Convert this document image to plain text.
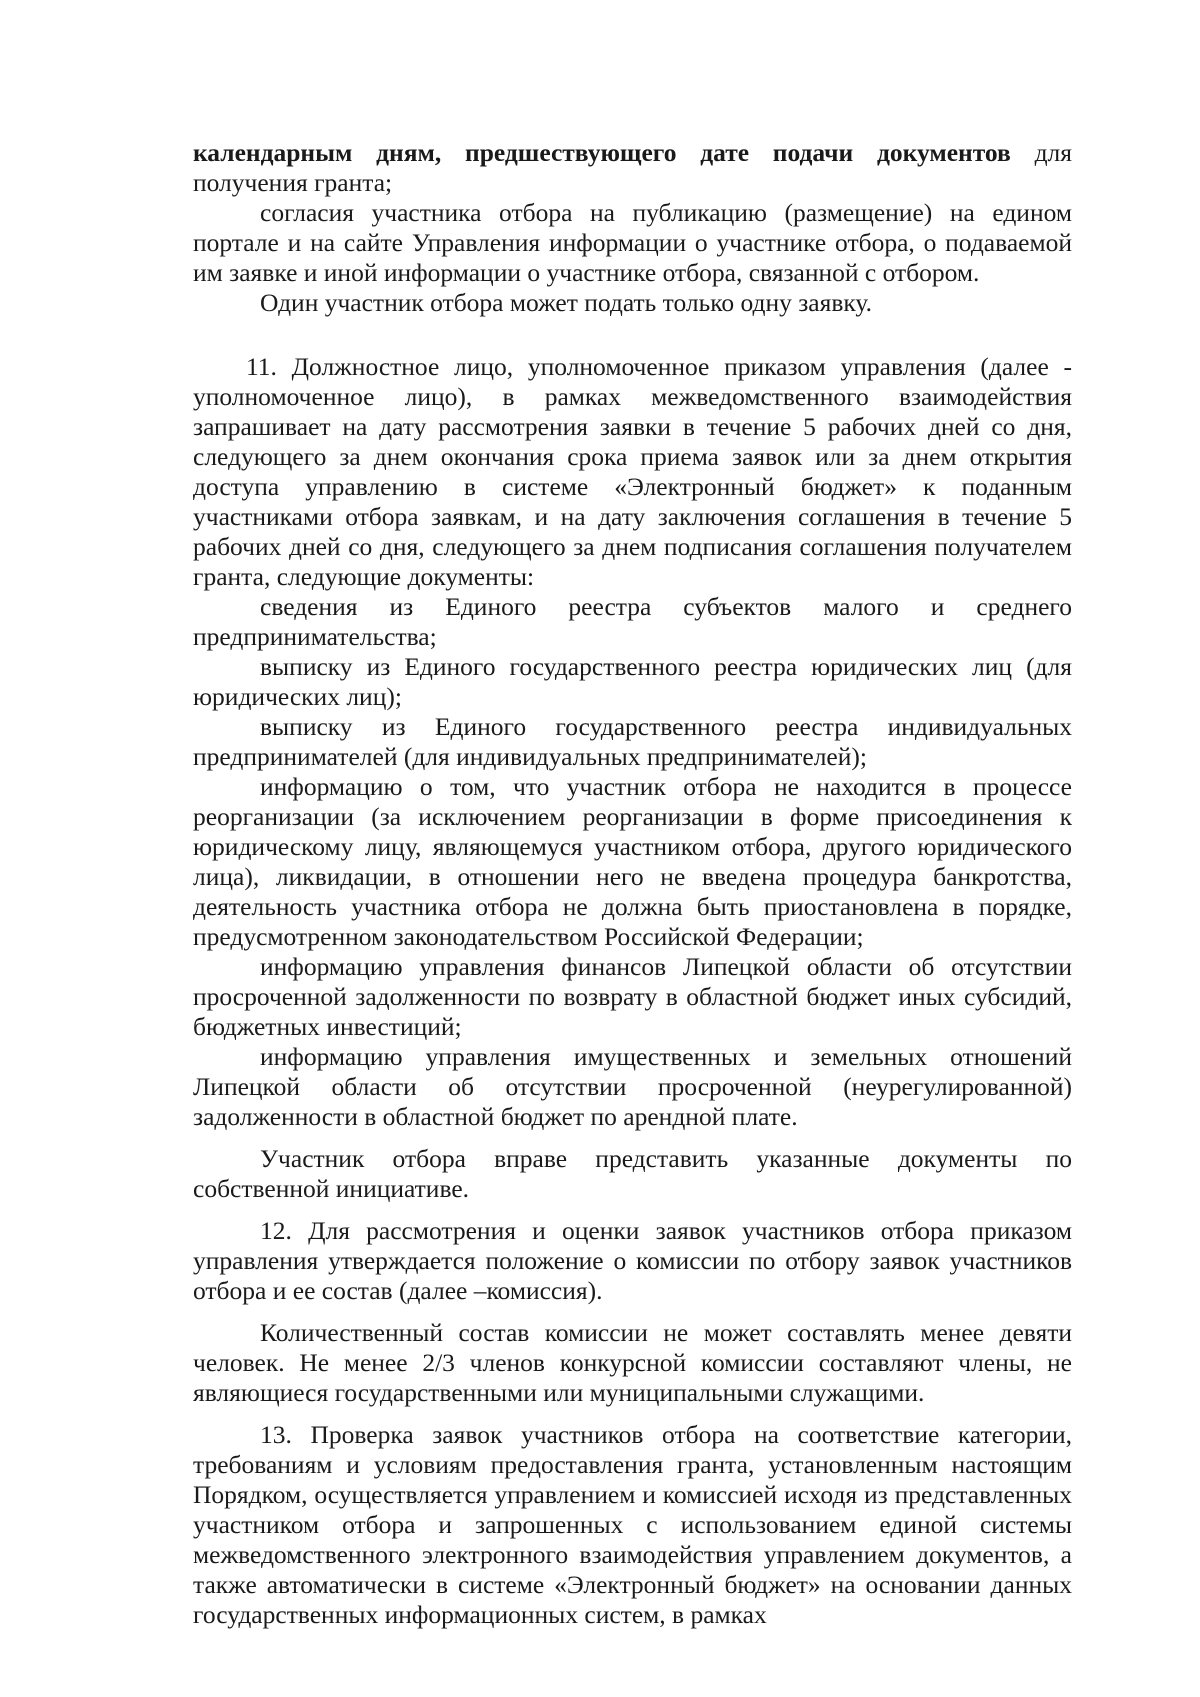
календарным дням, предшествующего дате подачи документов для получения гранта;

согласия участника отбора на публикацию (размещение) на едином портале и на сайте Управления информации о участнике отбора, о подаваемой им заявке и иной информации о участнике отбора, связанной с отбором.

Один участник отбора может подать только одну заявку.

11. Должностное лицо, уполномоченное приказом управления (далее - уполномоченное лицо), в рамках межведомственного взаимодействия запрашивает на дату рассмотрения заявки в течение 5 рабочих дней со дня, следующего за днем окончания срока приема заявок или за днем открытия доступа управлению в системе «Электронный бюджет» к поданным участниками отбора заявкам, и на дату заключения соглашения в течение 5 рабочих дней со дня, следующего за днем подписания соглашения получателем гранта, следующие документы:

сведения из Единого реестра субъектов малого и среднего предпринимательства;

выписку из Единого государственного реестра юридических лиц (для юридических лиц);

выписку из Единого государственного реестра индивидуальных предпринимателей (для индивидуальных предпринимателей);

информацию о том, что участник отбора не находится в процессе реорганизации (за исключением реорганизации в форме присоединения к юридическому лицу, являющемуся участником отбора, другого юридического лица), ликвидации, в отношении него не введена процедура банкротства, деятельность участника отбора не должна быть приостановлена в порядке, предусмотренном законодательством Российской Федерации;

информацию управления финансов Липецкой области об отсутствии просроченной задолженности по возврату в областной бюджет иных субсидий, бюджетных инвестиций;

информацию управления имущественных и земельных отношений Липецкой области об отсутствии просроченной (неурегулированной) задолженности в областной бюджет по арендной плате.

Участник отбора вправе представить указанные документы по собственной инициативе.

12. Для рассмотрения и оценки заявок участников отбора приказом управления утверждается положение о комиссии по отбору заявок участников отбора и ее состав (далее –комиссия).

Количественный состав комиссии не может составлять менее девяти человек. Не менее 2/3 членов конкурсной комиссии составляют члены, не являющиеся государственными или муниципальными служащими.

13. Проверка заявок участников отбора на соответствие категории, требованиям и условиям предоставления гранта, установленным настоящим Порядком, осуществляется управлением и комиссией исходя из представленных участником отбора и запрошенных с использованием единой системы межведомственного электронного взаимодействия управлением документов, а также автоматически в системе «Электронный бюджет» на основании данных государственных информационных систем, в рамках
